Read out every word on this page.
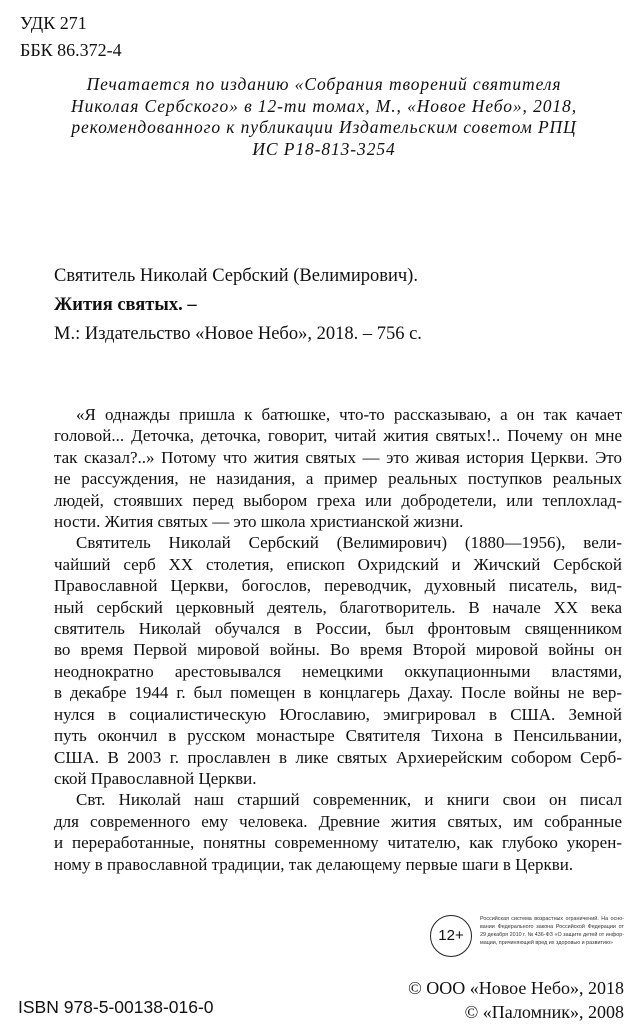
УДК 271
ББК 86.372-4
Печатается по изданию «Собрания творений святителя
Николая Сербского» в 12-ти томах, М., «Новое Небо», 2018,
рекомендованного к публикации Издательским советом РПЦ
ИС Р18-813-3254
Святитель Николай Сербский (Велимирович).
Жития святых. –
М.: Издательство «Новое Небо», 2018. – 756 с.
«Я однажды пришла к батюшке, что-то рассказываю, а он так качает
головой... Деточка, деточка, говорит, читай жития святых!.. Почему он мне
так сказал?..» Потому что жития святых — это живая история Церкви. Это
не рассуждения, не назидания, а пример реальных поступков реальных
людей, стоявших перед выбором греха или добродетели, или теплохлад-
ности. Жития святых — это школа христианской жизни.
Святитель Николай Сербский (Велимирович) (1880—1956), вели-
чайший серб XX столетия, епископ Охридский и Жичский Сербской
Православной Церкви, богослов, переводчик, духовный писатель, вид-
ный сербский церковный деятель, благотворитель. В начале XX века
святитель Николай обучался в России, был фронтовым священником
во время Первой мировой войны. Во время Второй мировой войны он
неоднократно арестовывался немецкими оккупационными властями,
в декабре 1944 г. был помещен в концлагерь Дахау. После войны не вер-
нулся в социалистическую Югославию, эмигрировал в США. Земной
путь окончил в русском монастыре Святителя Тихона в Пенсильвании,
США. В 2003 г. прославлен в лике святых Архиерейским собором Серб-
ской Православной Церкви.
Свт. Николай наш старший современник, и книги свои он писал
для современного ему человека. Древние жития святых, им собранные
и переработанные, понятны современному читателю, как глубоко укорен-
ному в православной традиции, так делающему первые шаги в Церкви.
12+
Российская система возрастных ограничений. На осно- вании Федерального закона Российской Федерации от 29 декабря 2010 г. № 436-ФЗ «О защите детей от инфор- мации, причиняющей вред их здоровью и развитию»
ISBN 978-5-00138-016-0
© ООО «Новое Небо», 2018
© «Паломник», 2008
